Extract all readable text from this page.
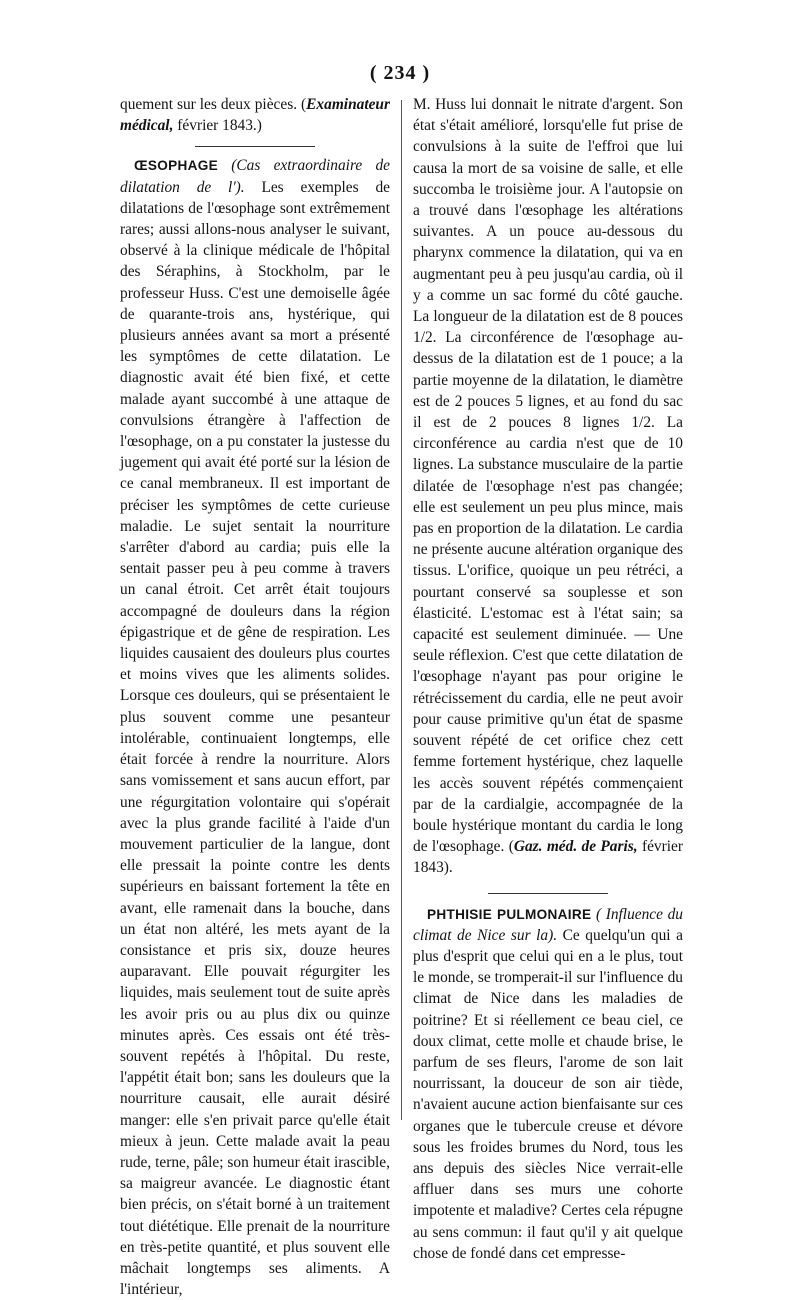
( 234 )

quement sur les deux pièces. (Examinateur médical, février 1843.)

ŒSOPHAGE (Cas extraordinaire de dilatation de l'). Les exemples de dilatations de l'œsophage sont extrêmement rares; aussi allons-nous analyser le suivant, observé à la clinique médicale de l'hôpital des Séraphins, à Stockholm, par le professeur Huss. C'est une demoiselle âgée de quarante-trois ans, hystérique, qui plusieurs années avant sa mort a présenté les symptômes de cette dilatation. Le diagnostic avait été bien fixé, et cette malade ayant succombé à une attaque de convulsions étrangère à l'affection de l'œsophage, on a pu constater la justesse du jugement qui avait été porté sur la lésion de ce canal membraneux. Il est important de préciser les symptômes de cette curieuse maladie. Le sujet sentait la nourriture s'arrêter d'abord au cardia; puis elle la sentait passer peu à peu comme à travers un canal étroit. Cet arrêt était toujours accompagné de douleurs dans la région épigastrique et de gêne de respiration. Les liquides causaient des douleurs plus courtes et moins vives que les aliments solides. Lorsque ces douleurs, qui se présentaient le plus souvent comme une pesanteur intolérable, continuaient longtemps, elle était forcée à rendre la nourriture. Alors sans vomissement et sans aucun effort, par une régurgitation volontaire qui s'opérait avec la plus grande facilité à l'aide d'un mouvement particulier de la langue, dont elle pressait la pointe contre les dents supérieurs en baissant fortement la tête en avant, elle ramenait dans la bouche, dans un état non altéré, les mets ayant de la consistance et pris six, douze heures auparavant. Elle pouvait régurgiter les liquides, mais seulement tout de suite après les avoir pris ou au plus dix ou quinze minutes après. Ces essais ont été très-souvent repétés à l'hôpital. Du reste, l'appétit était bon; sans les douleurs que la nourriture causait, elle aurait désiré manger: elle s'en privait parce qu'elle était mieux à jeun. Cette malade avait la peau rude, terne, pâle; son humeur était irascible, sa maigreur avancée. Le diagnostic étant bien précis, on s'était borné à un traitement tout diététique. Elle prenait de la nourriture en très-petite quantité, et plus souvent elle mâchait longtemps ses aliments. A l'intérieur,

M. Huss lui donnait le nitrate d'argent. Son état s'était amélioré, lorsqu'elle fut prise de convulsions à la suite de l'effroi que lui causa la mort de sa voisine de salle, et elle succomba le troisième jour. A l'autopsie on a trouvé dans l'œsophage les altérations suivantes. A un pouce au-dessous du pharynx commence la dilatation, qui va en augmentant peu à peu jusqu'au cardia, où il y a comme un sac formé du côté gauche. La longueur de la dilatation est de 8 pouces 1/2. La circonférence de l'œsophage au-dessus de la dilatation est de 1 pouce; a la partie moyenne de la dilatation, le diamètre est de 2 pouces 5 lignes, et au fond du sac il est de 2 pouces 8 lignes 1/2. La circonférence au cardia n'est que de 10 lignes. La substance musculaire de la partie dilatée de l'œsophage n'est pas changée; elle est seulement un peu plus mince, mais pas en proportion de la dilatation. Le cardia ne présente aucune altération organique des tissus. L'orifice, quoique un peu rétréci, a pourtant conservé sa souplesse et son élasticité. L'estomac est à l'état sain; sa capacité est seulement diminuée. — Une seule réflexion. C'est que cette dilatation de l'œsophage n'ayant pas pour origine le rétrécissement du cardia, elle ne peut avoir pour cause primitive qu'un état de spasme souvent répété de cet orifice chez cett femme fortement hystérique, chez laquelle les accès souvent répétés commençaient par de la cardialgie, accompagnée de la boule hystérique montant du cardia le long de l'œsophage. (Gaz. méd. de Paris, février 1843).

PHTHISIE PULMONAIRE ( Influence du climat de Nice sur la). Ce quelqu'un qui a plus d'esprit que celui qui en a le plus, tout le monde, se tromperait-il sur l'influence du climat de Nice dans les maladies de poitrine? Et si réellement ce beau ciel, ce doux climat, cette molle et chaude brise, le parfum de ses fleurs, l'arome de son lait nourrissant, la douceur de son air tiède, n'avaient aucune action bienfaisante sur ces organes que le tubercule creuse et dévore sous les froides brumes du Nord, tous les ans depuis des siècles Nice verrait-elle affluer dans ses murs une cohorte impotente et maladive? Certes cela répugne au sens commun: il faut qu'il y ait quelque chose de fondé dans cet empresse-
